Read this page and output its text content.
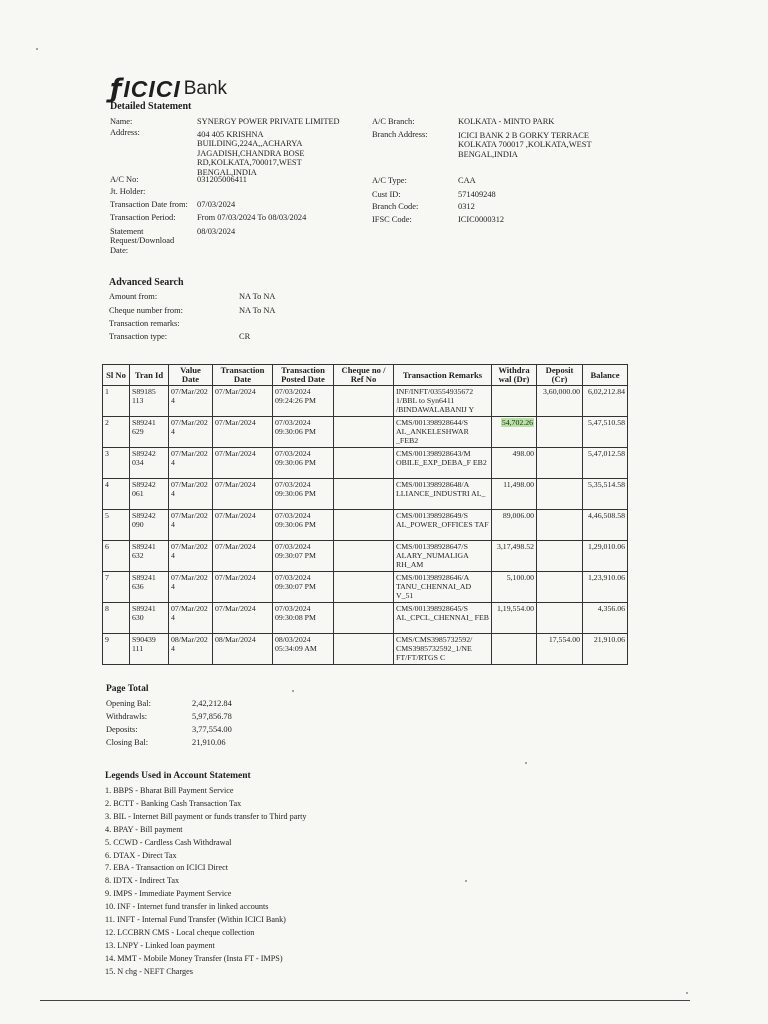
ƒ ICICI Bank
Detailed Statement
Name:	SYNERGY POWER PRIVATE LIMITED
Address:	404 405 KRISHNA BUILDING,224A,,ACHARYA JAGADISH,CHANDRA BOSE RD,KOLKATA,700017,WEST BENGAL,INDIA
A/C No:	031205006411
Jt. Holder:
Transaction Date from:	07/03/2024
Transaction Period:	From 07/03/2024 To 08/03/2024
Statement Request/Download Date:
08/03/2024
A/C Branch:	KOLKATA - MINTO PARK
Branch Address:	ICICI BANK 2 B GORKY TERRACE KOLKATA 700017 ,KOLKATA,WEST BENGAL,INDIA
A/C Type:	CAA
Cust ID:	571409248
Branch Code:	0312
IFSC Code:	ICIC0000312
Advanced Search
Amount from:	NA To NA
Cheque number from:	NA To NA
Transaction remarks:
Transaction type:	CR
Sl No	Tran Id	Value Date	Transaction Date	Transaction Posted Date	Cheque no / Ref No	Transaction Remarks	Withdra wal (Dr)	Deposit (Cr)	Balance
1	S89185 113	07/Mar/202 4	07/Mar/2024	07/03/2024 09:24:26 PM		INF/INFT/03554935672 1/BBL to Syn6411 /BINDAWALABANIJ Y		3,60,000.00	6,02,212.84
2	S89241 629	07/Mar/202 4	07/Mar/2024	07/03/2024 09:30:06 PM		CMS/001398928644/S AL_ANKELESHWAR _FEB2	54,702.26		5,47,510.58
3	S89242 034	07/Mar/202 4	07/Mar/2024	07/03/2024 09:30:06 PM		CMS/001398928643/M OBILE_EXP_DEBA_F EB2	498.00		5,47,012.58
4	S89242 061	07/Mar/202 4	07/Mar/2024	07/03/2024 09:30:06 PM		CMS/001398928648/A LLIANCE_INDUSTRI AL_	11,498.00		5,35,514.58
5	S89242 090	07/Mar/202 4	07/Mar/2024	07/03/2024 09:30:06 PM		CMS/001398928649/S AL_POWER_OFFICES TAF	89,006.00		4,46,508.58
6	S89241 632	07/Mar/202 4	07/Mar/2024	07/03/2024 09:30:07 PM		CMS/001398928647/S ALARY_NUMALIGA RH_AM	3,17,498.52		1,29,010.06
7	S89241 636	07/Mar/202 4	07/Mar/2024	07/03/2024 09:30:07 PM		CMS/001398928646/A TANU_CHENNAI_AD V_51	5,100.00		1,23,910.06
8	S89241 630	07/Mar/202 4	07/Mar/2024	07/03/2024 09:30:08 PM		CMS/001398928645/S AL_CPCL_CHENNAI_ FEB	1,19,554.00		4,356.06
9	S90439 111	08/Mar/202 4	08/Mar/2024	08/03/2024 05:34:09 AM		CMS/CMS3985732592/ CMS3985732592_1/NE FT/FT/RTGS C		17,554.00	21,910.06
Page Total
Opening Bal:	2,42,212.84
Withdrawls:	5,97,856.78
Deposits:	3,77,554.00
Closing Bal:	21,910.06
Legends Used in Account Statement
1. BBPS - Bharat Bill Payment Service
2. BCTT - Banking Cash Transaction Tax
3. BIL - Internet Bill payment or funds transfer to Third party
4. BPAY - Bill payment
5. CCWD - Cardless Cash Withdrawal
6. DTAX - Direct Tax
7. EBA - Transaction on ICICI Direct
8. IDTX - Indirect Tax
9. IMPS - Immediate Payment Service
10. INF - Internet fund transfer in linked accounts
11. INFT - Internal Fund Transfer (Within ICICI Bank)
12. LCCBRN CMS - Local cheque collection
13. LNPY - Linked loan payment
14. MMT - Mobile Money Transfer (Insta FT - IMPS)
15. N chg - NEFT Charges
